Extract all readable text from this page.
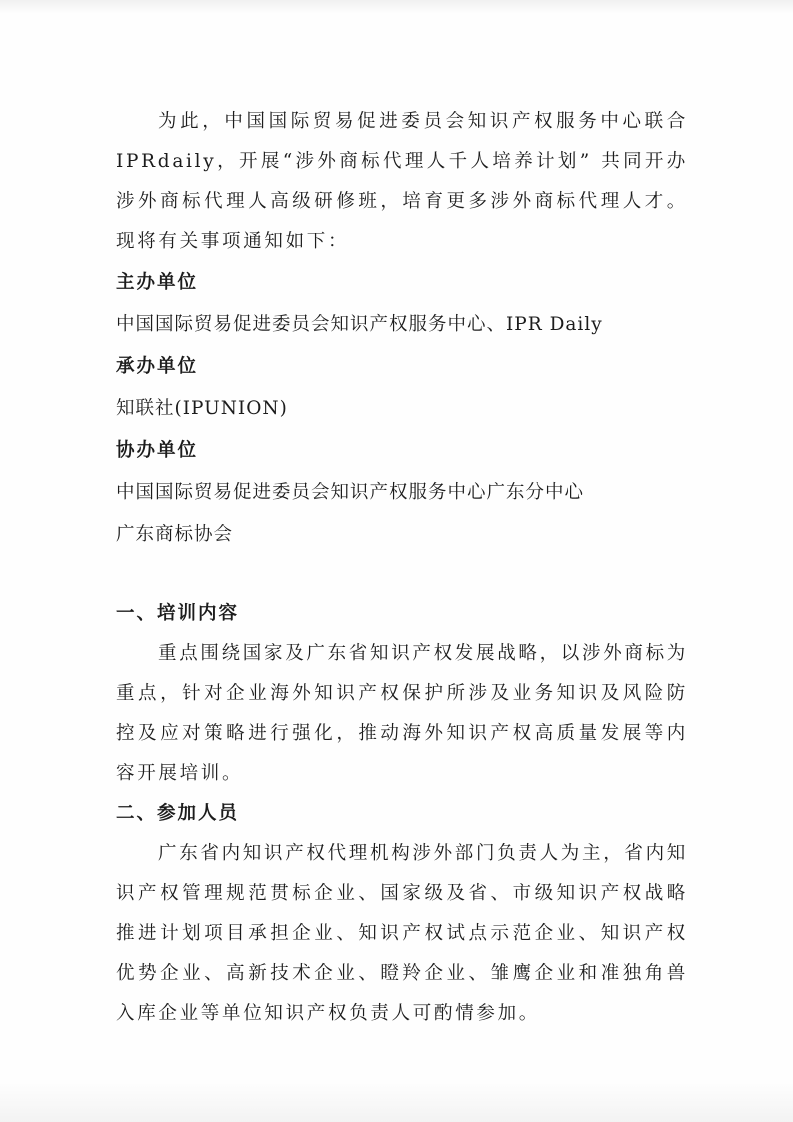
为此，中国国际贸易促进委员会知识产权服务中心联合IPRdaily，开展“涉外商标代理人千人培养计划” 共同开办涉外商标代理人高级研修班，培育更多涉外商标代理人才。现将有关事项通知如下：

主办单位

中国国际贸易促进委员会知识产权服务中心、IPR Daily

承办单位

知联社(IPUNION)

协办单位

中国国际贸易促进委员会知识产权服务中心广东分中心

广东商标协会

一、培训内容

重点围绕国家及广东省知识产权发展战略，以涉外商标为重点，针对企业海外知识产权保护所涉及业务知识及风险防控及应对策略进行强化，推动海外知识产权高质量发展等内容开展培训。

二、参加人员

广东省内知识产权代理机构涉外部门负责人为主，省内知识产权管理规范贯标企业、国家级及省、市级知识产权战略推进计划项目承担企业、知识产权试点示范企业、知识产权优势企业、高新技术企业、瞪羚企业、雏鹰企业和准独角兽入库企业等单位知识产权负责人可酌情参加。
